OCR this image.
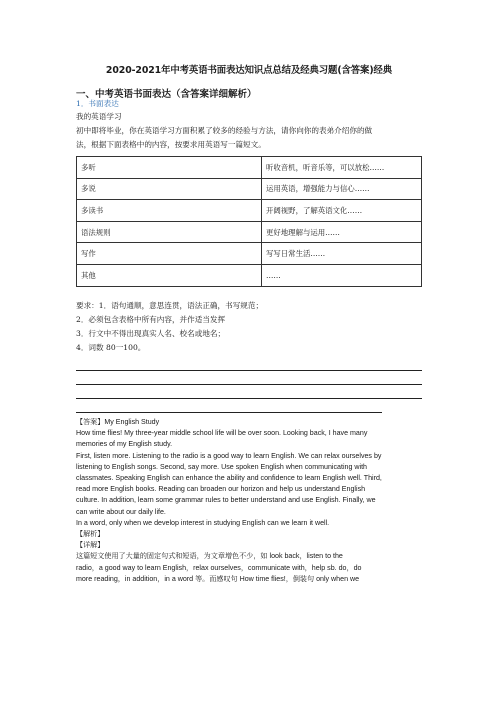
2020-2021年中考英语书面表达知识点总结及经典习题(含答案)经典
一、中考英语书面表达（含答案详细解析）
1．书面表达
我的英语学习
初中即将毕业，你在英语学习方面积累了较多的经验与方法，请你向你的表弟介绍你的做
法，根据下面表格中的内容，按要求用英语写一篇短文。
多听	听收音机，听音乐等，可以放松……
多说	运用英语，增强能力与信心……
多读书	开阔视野，了解英语文化……
语法规则	更好地理解与运用……
写作	写写日常生活……
其他	……
要求：1．语句通顺，意思连贯，语法正确，书写规范；
2．必须包含表格中所有内容，并作适当发挥
3．行文中不得出现真实人名、校名或地名；
4．词数 80一100。

【答案】My English Study

How time flies! My three-year middle school life will be over soon. Looking back, I have many

memories of my English study.

First, listen more. Listening to the radio is a good way to learn English. We can relax ourselves by

listening to English songs. Second, say more. Use spoken English when communicating with

classmates. Speaking English can enhance the ability and confidence to learn English well. Third,

read more English books. Reading can broaden our horizon and help us understand English

culture. In addition, learn some grammar rules to better understand and use English. Finally, we

can write about our daily life.

In a word, only when we develop interest in studying English can we learn it well.

【解析】

【详解】

这篇短文使用了大量的固定句式和短语，为文章增色不少，如 look back，listen to the

radio，a good way to learn English，relax ourselves，communicate with，help sb. do，do

more reading，in addition，in a word 等。而感叹句 How time flies!，倒装句 only when we
